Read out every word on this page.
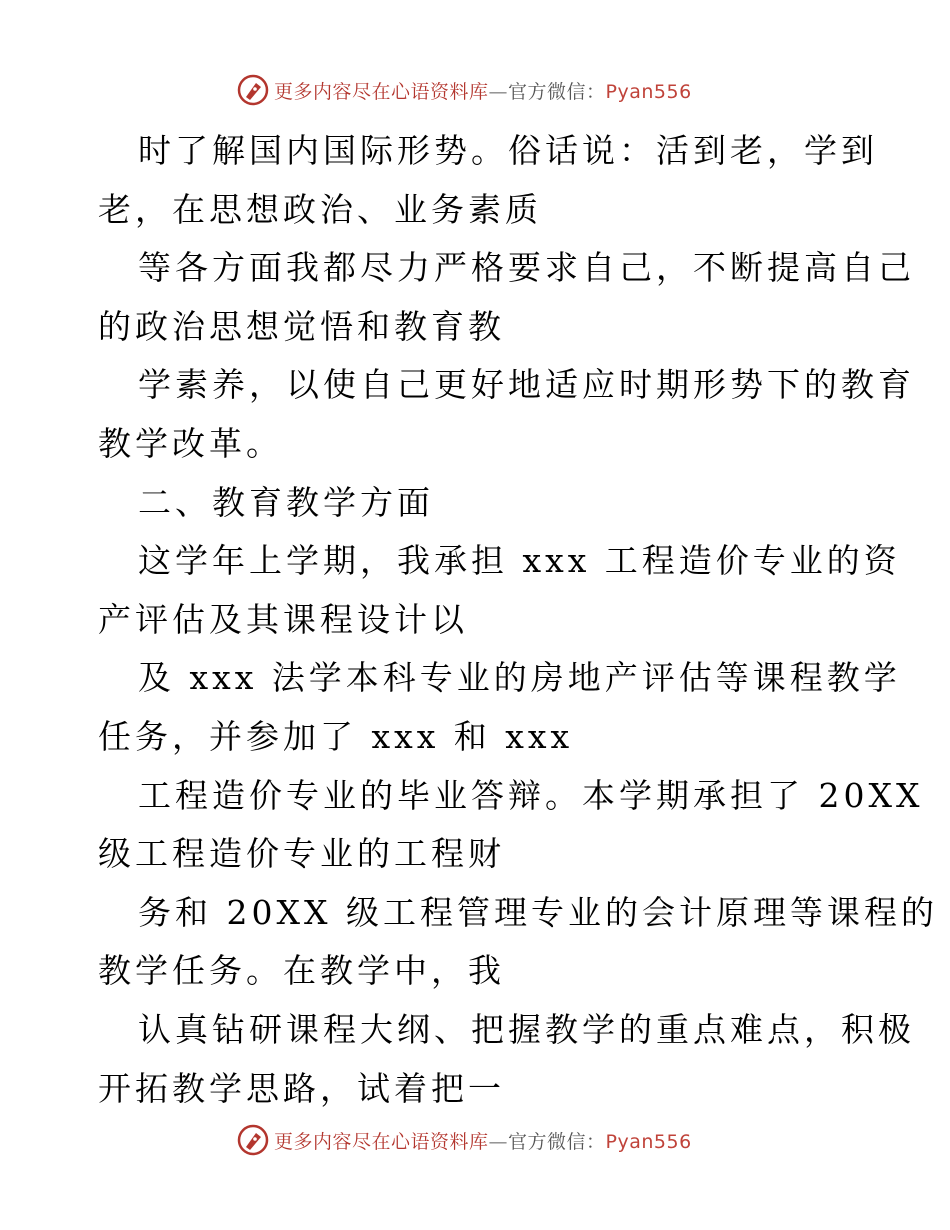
更多内容尽在心语资料库—官方微信：Pyan556
时了解国内国际形势。俗话说：活到老，学到
老，在思想政治、业务素质
等各方面我都尽力严格要求自己，不断提高自己
的政治思想觉悟和教育教
学素养，以使自己更好地适应时期形势下的教育
教学改革。
二、教育教学方面
这学年上学期，我承担 xxx 工程造价专业的资
产评估及其课程设计以
及 xxx 法学本科专业的房地产评估等课程教学
任务，并参加了 xxx 和 xxx
工程造价专业的毕业答辩。本学期承担了 20XX
级工程造价专业的工程财
务和 20XX 级工程管理专业的会计原理等课程的
教学任务。在教学中，我
认真钻研课程大纲、把握教学的重点难点，积极
开拓教学思路，试着把一
更多内容尽在心语资料库—官方微信：Pyan556
